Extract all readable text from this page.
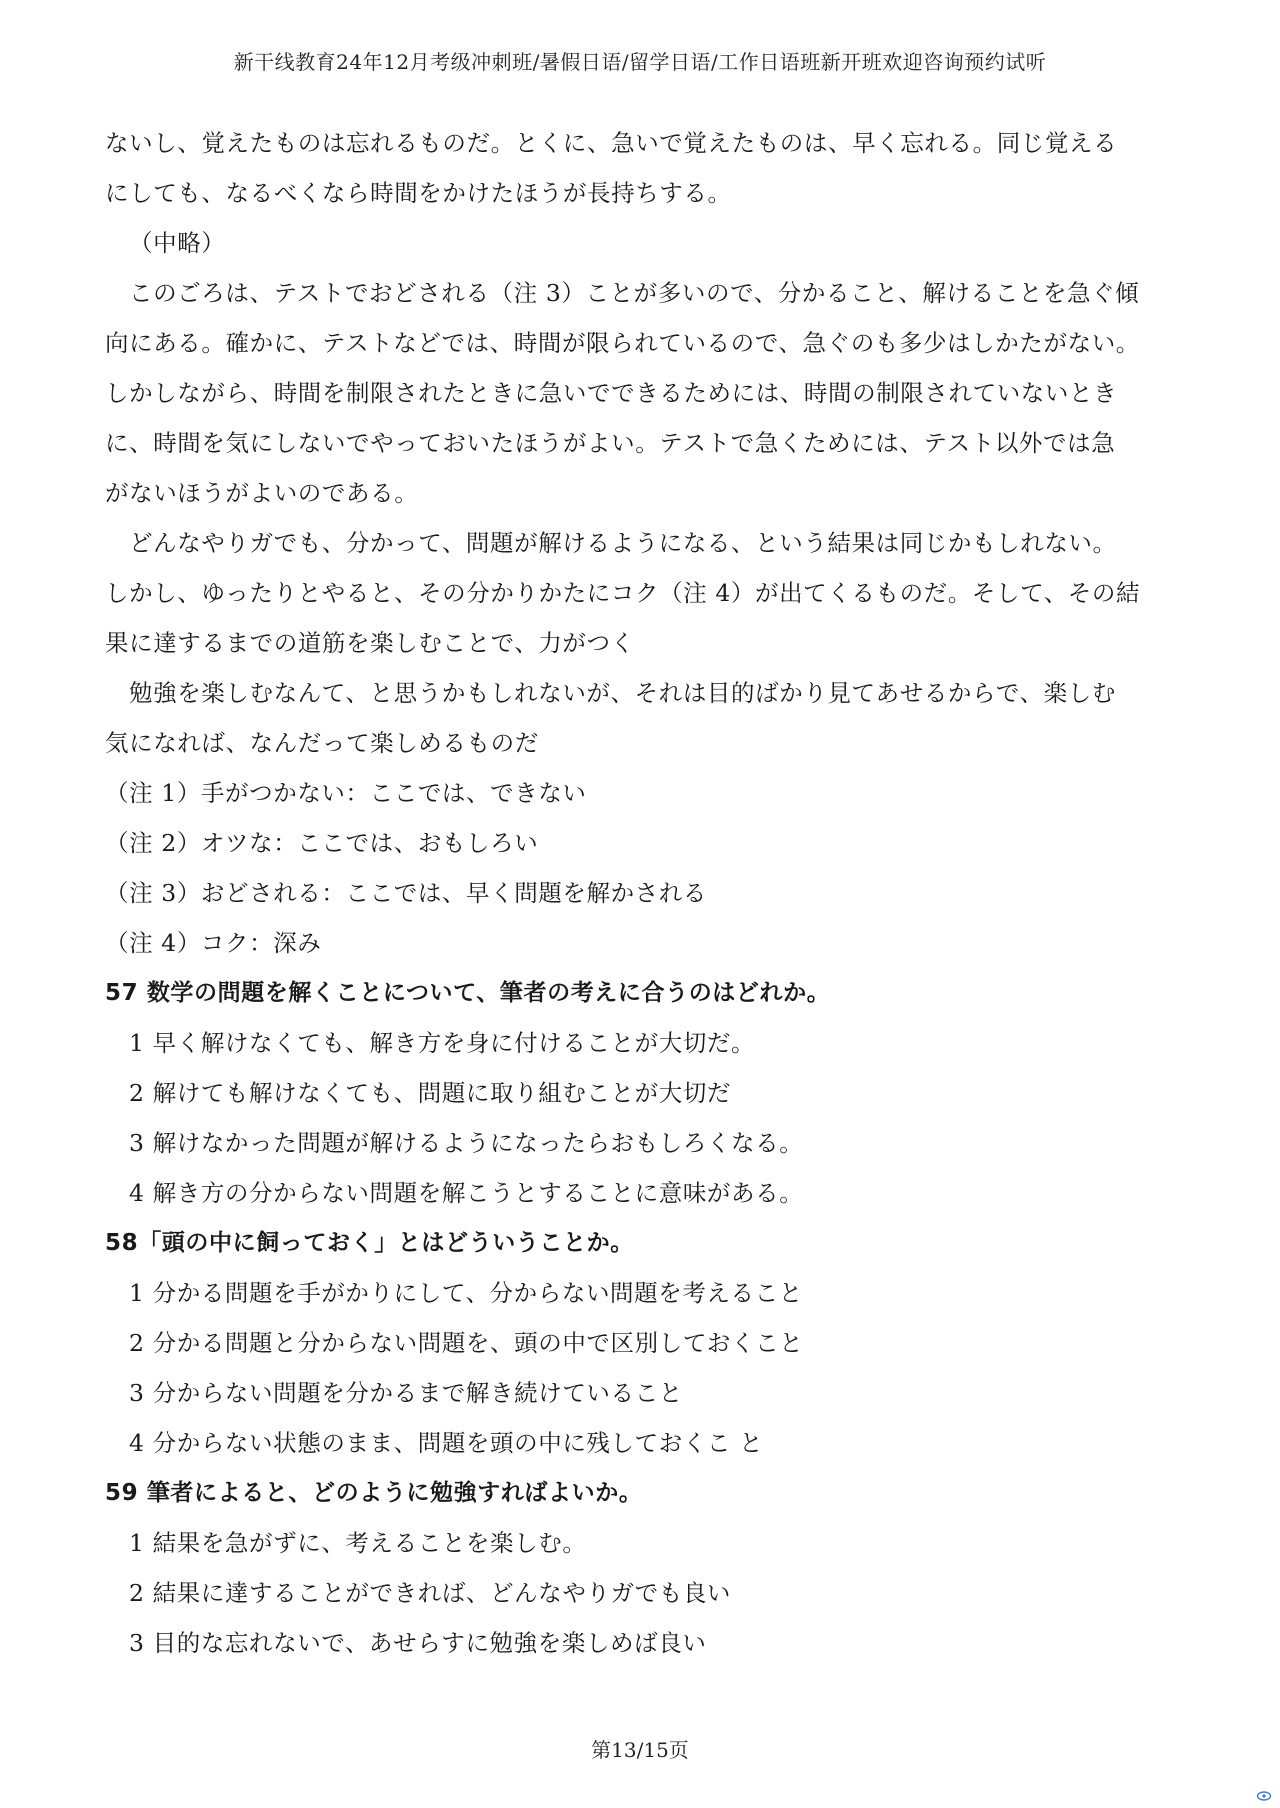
新干线教育24年12月考级冲刺班/暑假日语/留学日语/工作日语班新开班欢迎咨询预约试听
ないし、覚えたものは忘れるものだ。とくに、急いで覚えたものは、早く忘れる。同じ覚える
にしても、なるべくなら時間をかけたほうが長持ちする。
（中略）
このごろは、テストでおどされる（注 3）ことが多いので、分かること、解けることを急ぐ傾
向にある。確かに、テストなどでは、時間が限られているので、急ぐのも多少はしかたがない。
しかしながら、時間を制限されたときに急いでできるためには、時間の制限されていないとき
に、時間を気にしないでやっておいたほうがよい。テストで急くためには、テスト以外では急
がないほうがよいのである。
どんなやりガでも、分かって、問題が解けるようになる、という結果は同じかもしれない。
しかし、ゆったりとやると、その分かりかたにコク（注 4）が出てくるものだ。そして、その結
果に達するまでの道筋を楽しむことで、力がつく
勉強を楽しむなんて、と思うかもしれないが、それは目的ばかり見てあせるからで、楽しむ
気になれば、なんだって楽しめるものだ
（注 1）手がつかない：ここでは、できない
（注 2）オツな：ここでは、おもしろい
（注 3）おどされる：ここでは、早く問題を解かされる
（注 4）コク：深み
57 数学の問題を解くことについて、筆者の考えに合うのはどれか。
1 早く解けなくても、解き方を身に付けることが大切だ。
2 解けても解けなくても、問題に取り組むことが大切だ
3 解けなかった問題が解けるようになったらおもしろくなる。
4 解き方の分からない問題を解こうとすることに意味がある。
58「頭の中に飼っておく」とはどういうことか。
1 分かる問題を手がかりにして、分からない問題を考えること
2 分かる問題と分からない問題を、頭の中で区別しておくこと
3 分からない問題を分かるまで解き続けていること
4 分からない状態のまま、問題を頭の中に残しておくこ と
59 筆者によると、どのように勉強すればよいか。
1 結果を急がずに、考えることを楽しむ。
2 結果に達することができれば、どんなやりガでも良い
3 目的な忘れないで、あせらすに勉強を楽しめば良い
第13/15页
